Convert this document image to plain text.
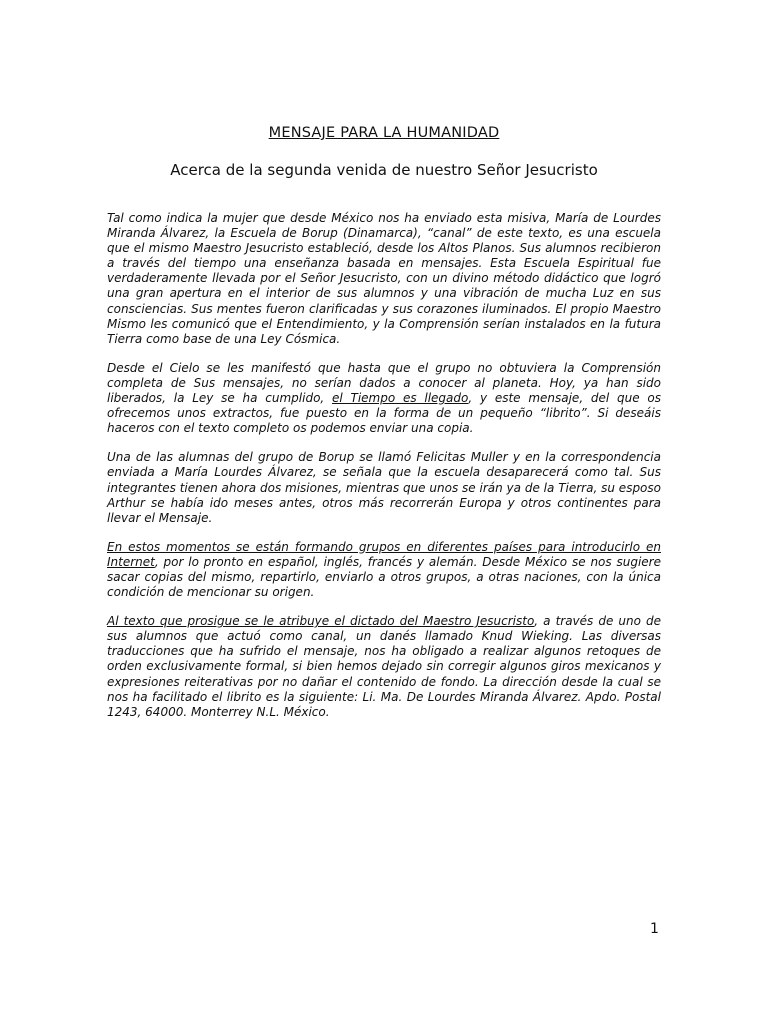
MENSAJE PARA LA HUMANIDAD
Acerca de la segunda venida de nuestro Señor Jesucristo

Tal como indica la mujer que desde México nos ha enviado esta misiva, María de Lourdes Miranda Álvarez, la Escuela de Borup (Dinamarca), “canal” de este texto, es una escuela que el mismo Maestro Jesucristo estableció, desde los Altos Planos. Sus alumnos recibieron a través del tiempo una enseñanza basada en mensajes. Esta Escuela Espiritual fue verdaderamente llevada por el Señor Jesucristo, con un divino método didáctico que logró una gran apertura en el interior de sus alumnos y una vibración de mucha Luz en sus consciencias. Sus mentes fueron clarificadas y sus corazones iluminados. El propio Maestro Mismo les comunicó que el Entendimiento, y la Comprensión serían instalados en la futura Tierra como base de una Ley Cósmica.

Desde el Cielo se les manifestó que hasta que el grupo no obtuviera la Comprensión completa de Sus mensajes, no serían dados a conocer al planeta. Hoy, ya han sido liberados, la Ley se ha cumplido, el Tiempo es llegado, y este mensaje, del que os ofrecemos unos extractos, fue puesto en la forma de un pequeño “librito”. Si deseáis haceros con el texto completo os podemos enviar una copia.

Una de las alumnas del grupo de Borup se llamó Felicitas Muller y en la correspondencia enviada a María Lourdes Álvarez, se señala que la escuela desaparecerá como tal. Sus integrantes tienen ahora dos misiones, mientras que unos se irán ya de la Tierra, su esposo Arthur se había ido meses antes, otros más recorrerán Europa y otros continentes para llevar el Mensaje.

En estos momentos se están formando grupos en diferentes países para introducirlo en Internet, por lo pronto en español, inglés, francés y alemán. Desde México se nos sugiere sacar copias del mismo, repartirlo, enviarlo a otros grupos, a otras naciones, con la única condición de mencionar su origen.

Al texto que prosigue se le atribuye el dictado del Maestro Jesucristo, a través de uno de sus alumnos que actuó como canal, un danés llamado Knud Wieking. Las diversas traducciones que ha sufrido el mensaje, nos ha obligado a realizar algunos retoques de orden exclusivamente formal, si bien hemos dejado sin corregir algunos giros mexicanos y expresiones reiterativas por no dañar el contenido de fondo. La dirección desde la cual se nos ha facilitado el librito es la siguiente: Li. Ma. De Lourdes Miranda Álvarez. Apdo. Postal 1243, 64000. Monterrey N.L. México.

1
